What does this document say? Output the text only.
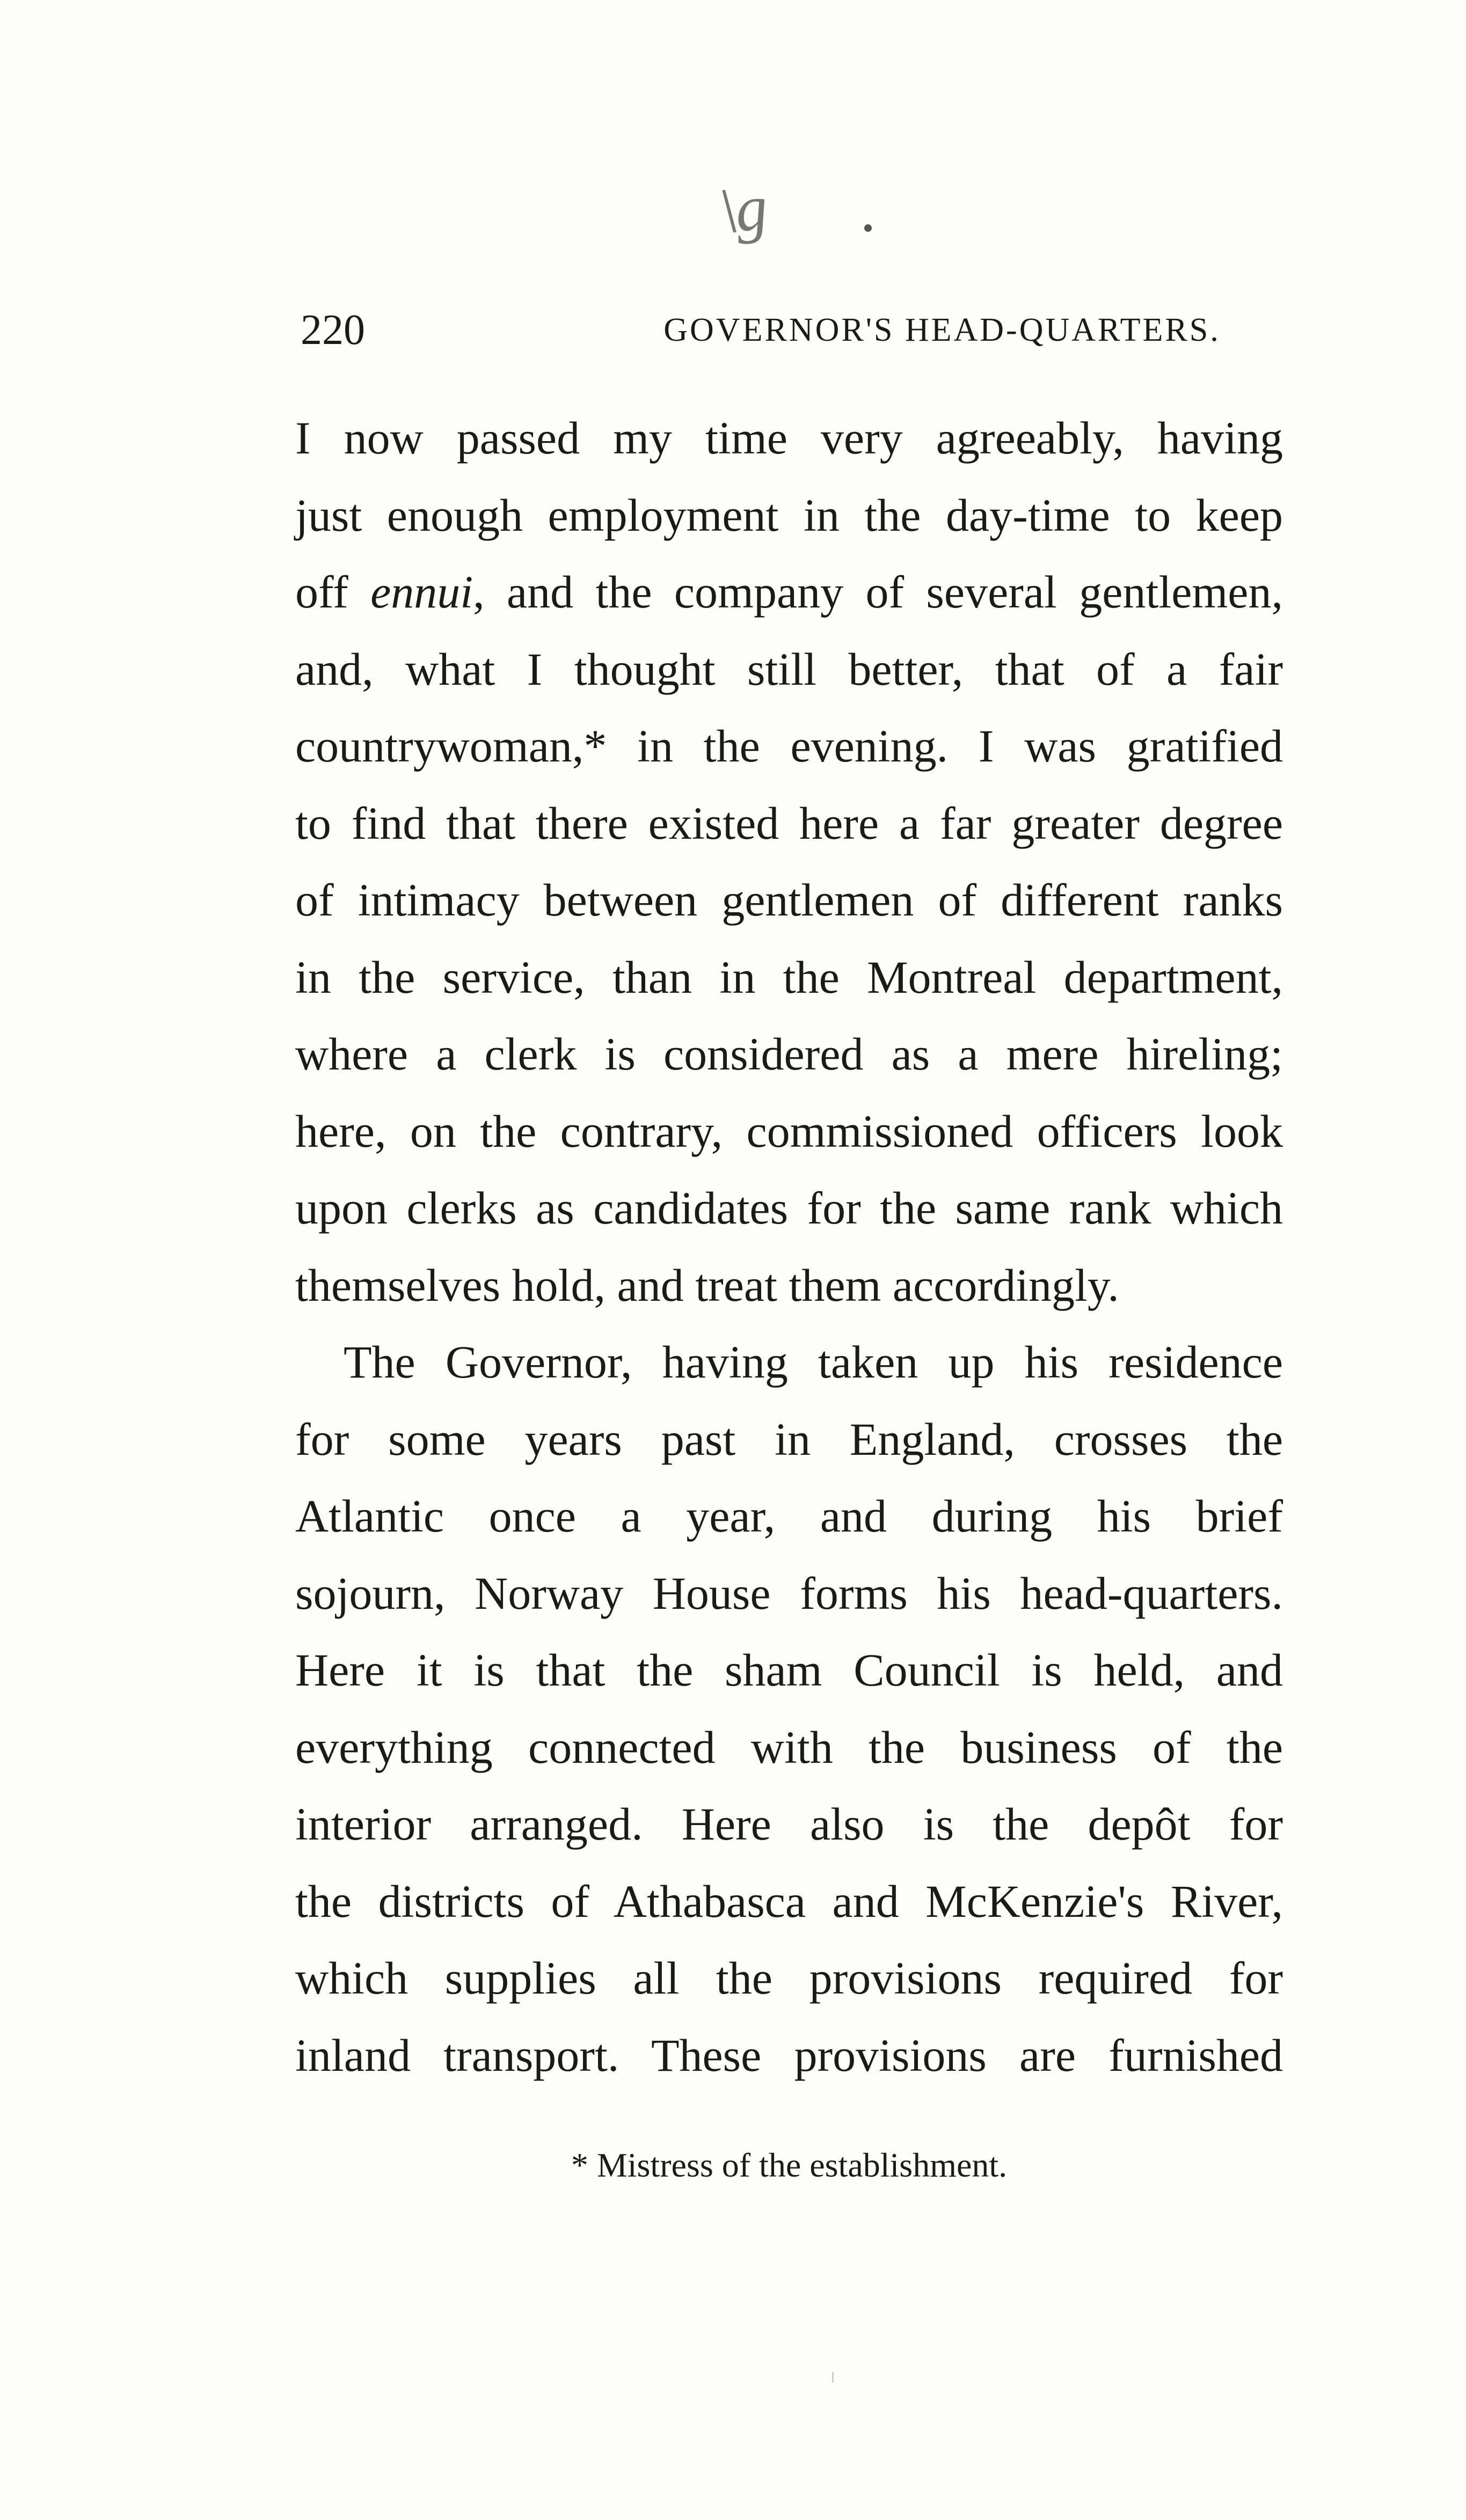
\g
220	GOVERNOR'S HEAD-QUARTERS.
I now passed my time very agreeably, having
just enough employment in the day-time to keep
off ennui, and the company of several gentlemen,
and, what I thought still better, that of a fair
countrywoman,* in the evening. I was gratified
to find that there existed here a far greater degree
of intimacy between gentlemen of different ranks
in the service, than in the Montreal department,
where a clerk is considered as a mere hireling;
here, on the contrary, commissioned officers look
upon clerks as candidates for the same rank which
themselves hold, and treat them accordingly.
The Governor, having taken up his residence
for some years past in England, crosses the
Atlantic once a year, and during his brief
sojourn, Norway House forms his head-quarters.
Here it is that the sham Council is held, and
everything connected with the business of the
interior arranged. Here also is the depôt for
the districts of Athabasca and McKenzie's River,
which supplies all the provisions required for
inland transport. These provisions are furnished
* Mistress of the establishment.
